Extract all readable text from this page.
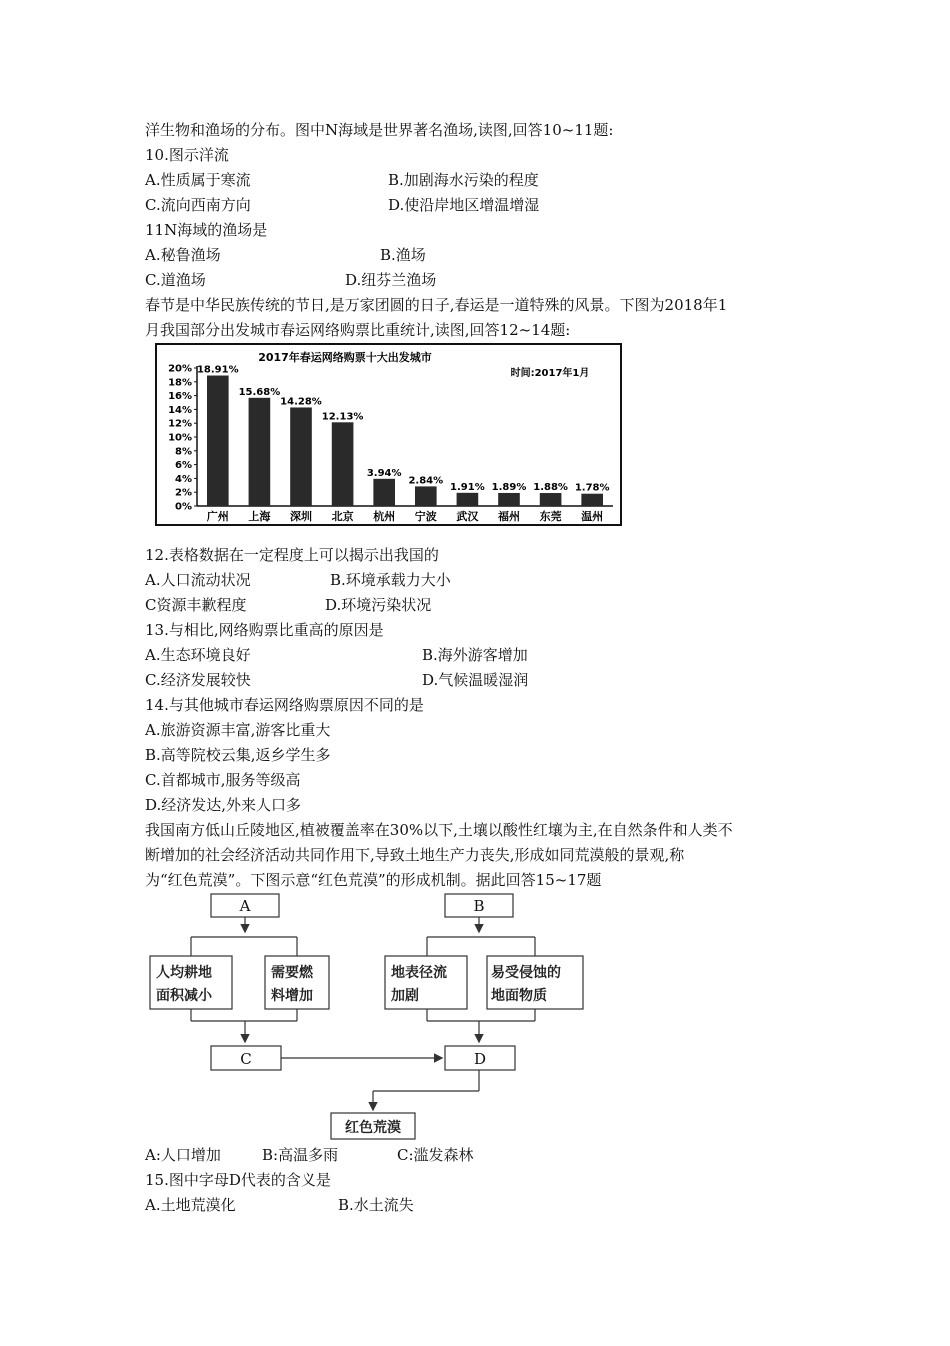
洋生物和渔场的分布。图中N海域是世界著名渔场,读图,回答10~11题:
10.图示洋流
A.性质属于寒流	B.加剧海水污染的程度
C.流向西南方向	D.使沿岸地区增温增湿
11N海域的渔场是
A.秘鲁渔场	B.渔场
C.道渔场	D.纽芬兰渔场
春节是中华民族传统的节日,是万家团圆的日子,春运是一道特殊的风景。下图为2018年1
月我国部分出发城市春运网络购票比重统计,读图,回答12~14题:
2017年春运网络购票十大出发城市
时间:2017年1月
0%
2%
4%
6%
8%
10%
12%
14%
16%
18%
20% 18.91%
广州
15.68%
上海
14.28%
深圳
12.13%
北京
3.94%
杭州
2.84%
宁波
1.91%
武汉
1.89%
福州
1.88%
东莞
1.78%
温州
12.表格数据在一定程度上可以揭示出我国的
A.人口流动状况	B.环境承载力大小
C资源丰歉程度	D.环境污染状况
13.与相比,网络购票比重高的原因是
A.生态环境良好	B.海外游客增加
C.经济发展较快	D.气候温暖湿润
14.与其他城市春运网络购票原因不同的是
A.旅游资源丰富,游客比重大
B.高等院校云集,返乡学生多
C.首都城市,服务等级高
D.经济发达,外来人口多
我国南方低山丘陵地区,植被覆盖率在30%以下,土壤以酸性红壤为主,在自然条件和人类不
断增加的社会经济活动共同作用下,导致土地生产力丧失,形成如同荒漠般的景观,称
为“红色荒漠”。下图示意“红色荒漠”的形成机制。据此回答15~17题
A	B
C	D
人均耕地
面积减小
需要燃
料增加
地表径流
加剧
易受侵蚀的
地面物质
红色荒漠
A:人口增加	B:高温多雨	C:滥发森林
15.图中字母D代表的含义是
A.土地荒漠化	B.水土流失
